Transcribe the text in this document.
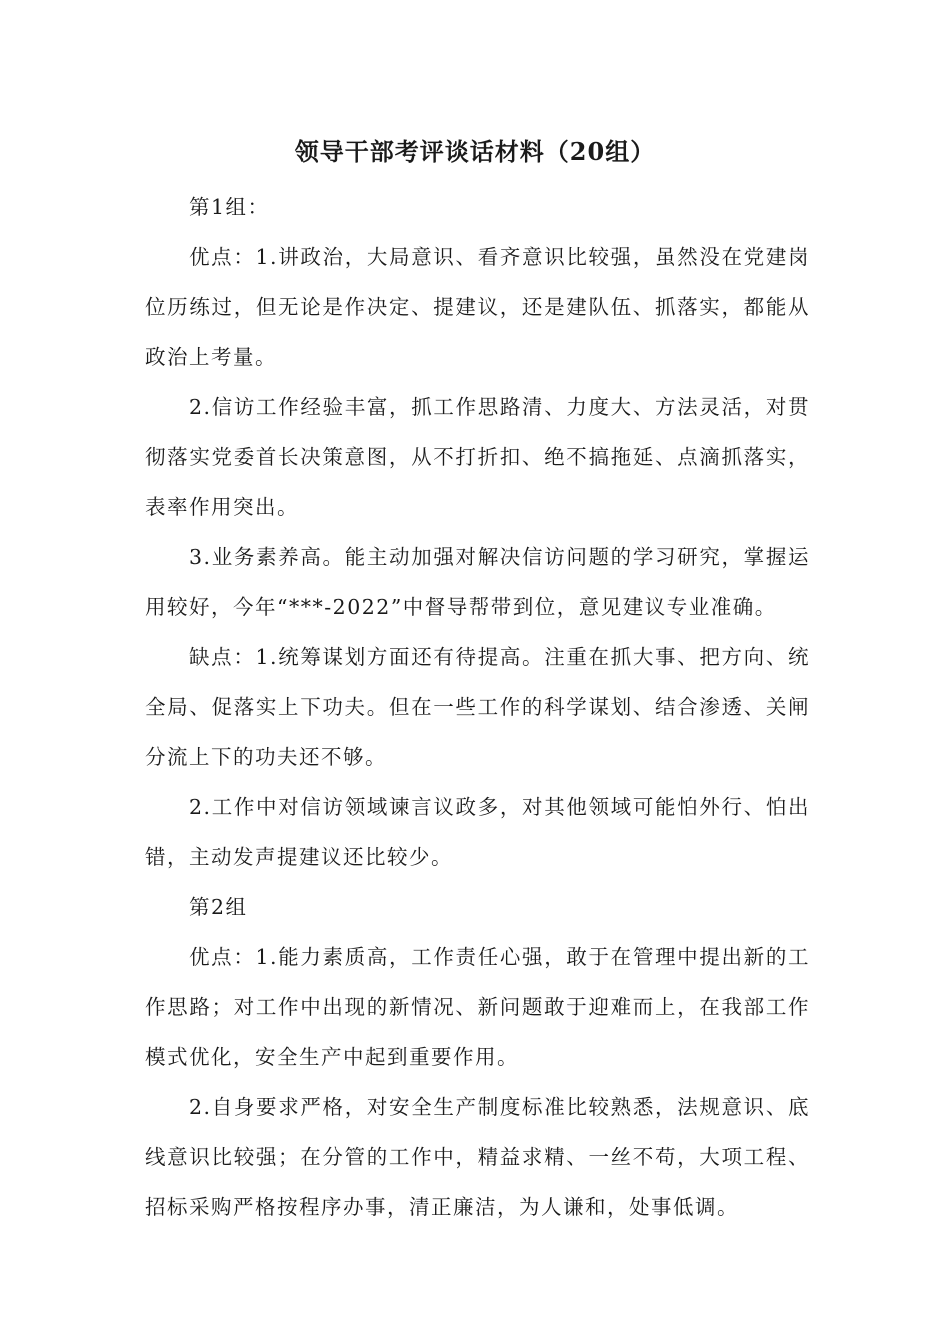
领导干部考评谈话材料（20组）

第1组：

优点：1.讲政治，大局意识、看齐意识比较强，虽然没在党建岗位历练过，但无论是作决定、提建议，还是建队伍、抓落实，都能从政治上考量。

2.信访工作经验丰富，抓工作思路清、力度大、方法灵活，对贯彻落实党委首长决策意图，从不打折扣、绝不搞拖延、点滴抓落实，表率作用突出。

3.业务素养高。能主动加强对解决信访问题的学习研究，掌握运用较好，今年“***-2022”中督导帮带到位，意见建议专业准确。

缺点：1.统筹谋划方面还有待提高。注重在抓大事、把方向、统全局、促落实上下功夫。但在一些工作的科学谋划、结合渗透、关闸分流上下的功夫还不够。

2.工作中对信访领域谏言议政多，对其他领域可能怕外行、怕出错，主动发声提建议还比较少。

第2组

优点：1.能力素质高，工作责任心强，敢于在管理中提出新的工作思路；对工作中出现的新情况、新问题敢于迎难而上，在我部工作模式优化，安全生产中起到重要作用。

2.自身要求严格，对安全生产制度标准比较熟悉，法规意识、底线意识比较强；在分管的工作中，精益求精、一丝不苟，大项工程、招标采购严格按程序办事，清正廉洁，为人谦和，处事低调。
